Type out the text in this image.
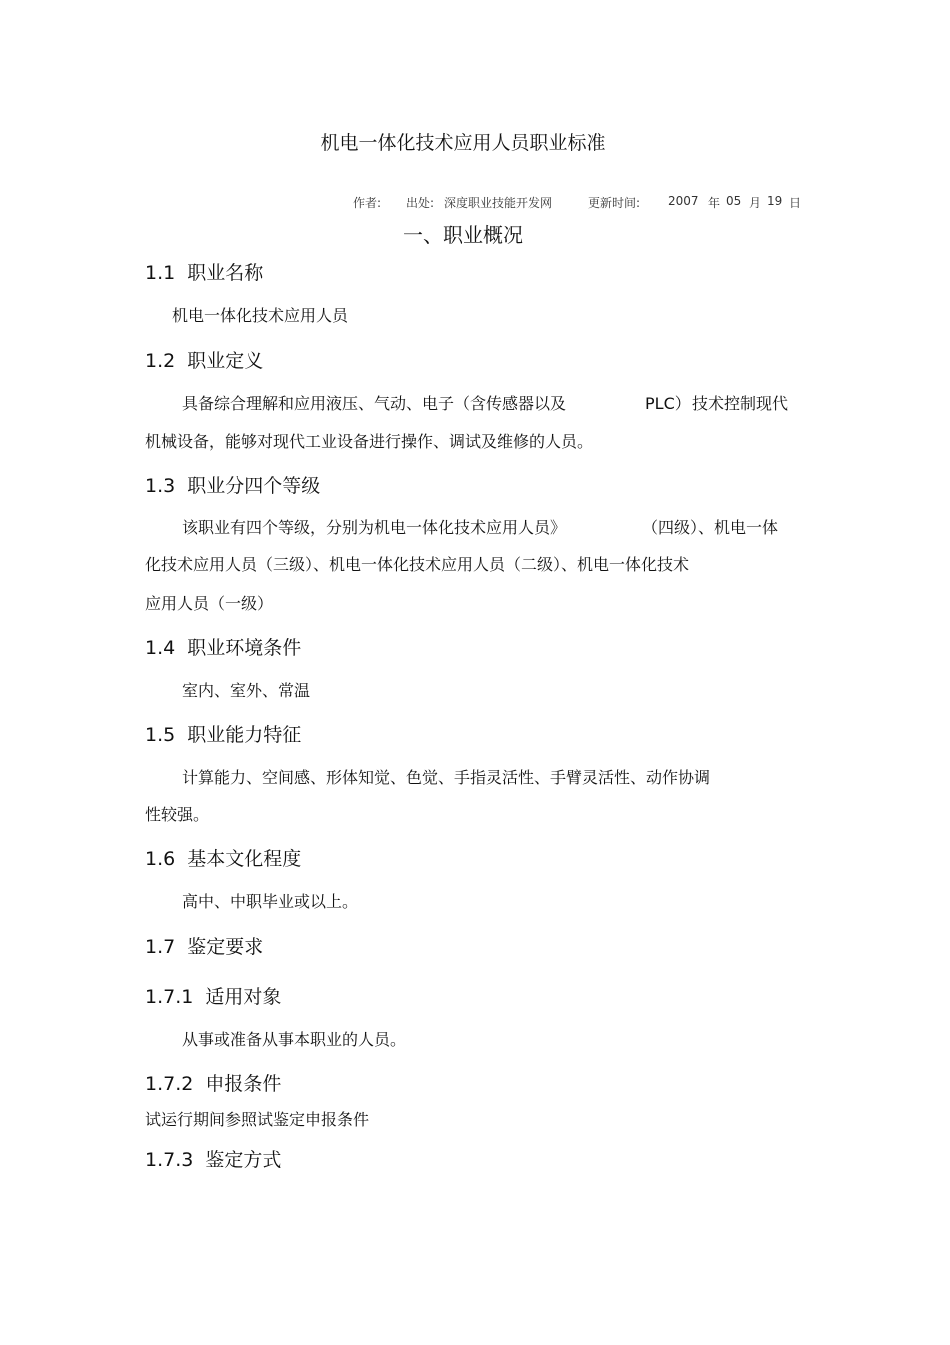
机电一体化技术应用人员职业标准
作者: 出处: 深度职业技能开发网	更新时间: 2007 年 05 月 19 日
一、职业概况
1.1 职业名称
机电一体化技术应用人员
1.2 职业定义
具备综合理解和应用液压、气动、电子（含传感器以及	PLC） 技术控制现代
机械设备，能够对现代工业设备进行操作、调试及维修的人员。
1.3 职业分四个等级
该职业有四个等级，分别为机电一体化技术应用人员》	（四级）、机电一体
化技术应用人员（三级）、机电一体化技术应用人员（二级）、机电一体化技术
应用人员（一级）
1.4 职业环境条件
室内、室外、常温
1.5 职业能力特征
计算能力、空间感、形体知觉、色觉、手指灵活性、手臂灵活性、动作协调
性较强。
1.6 基本文化程度
高中、中职毕业或以上。
1.7 鉴定要求
1.7.1 适用对象
从事或准备从事本职业的人员。
1.7.2 申报条件
试运行期间参照试鉴定申报条件
1.7.3 鉴定方式
